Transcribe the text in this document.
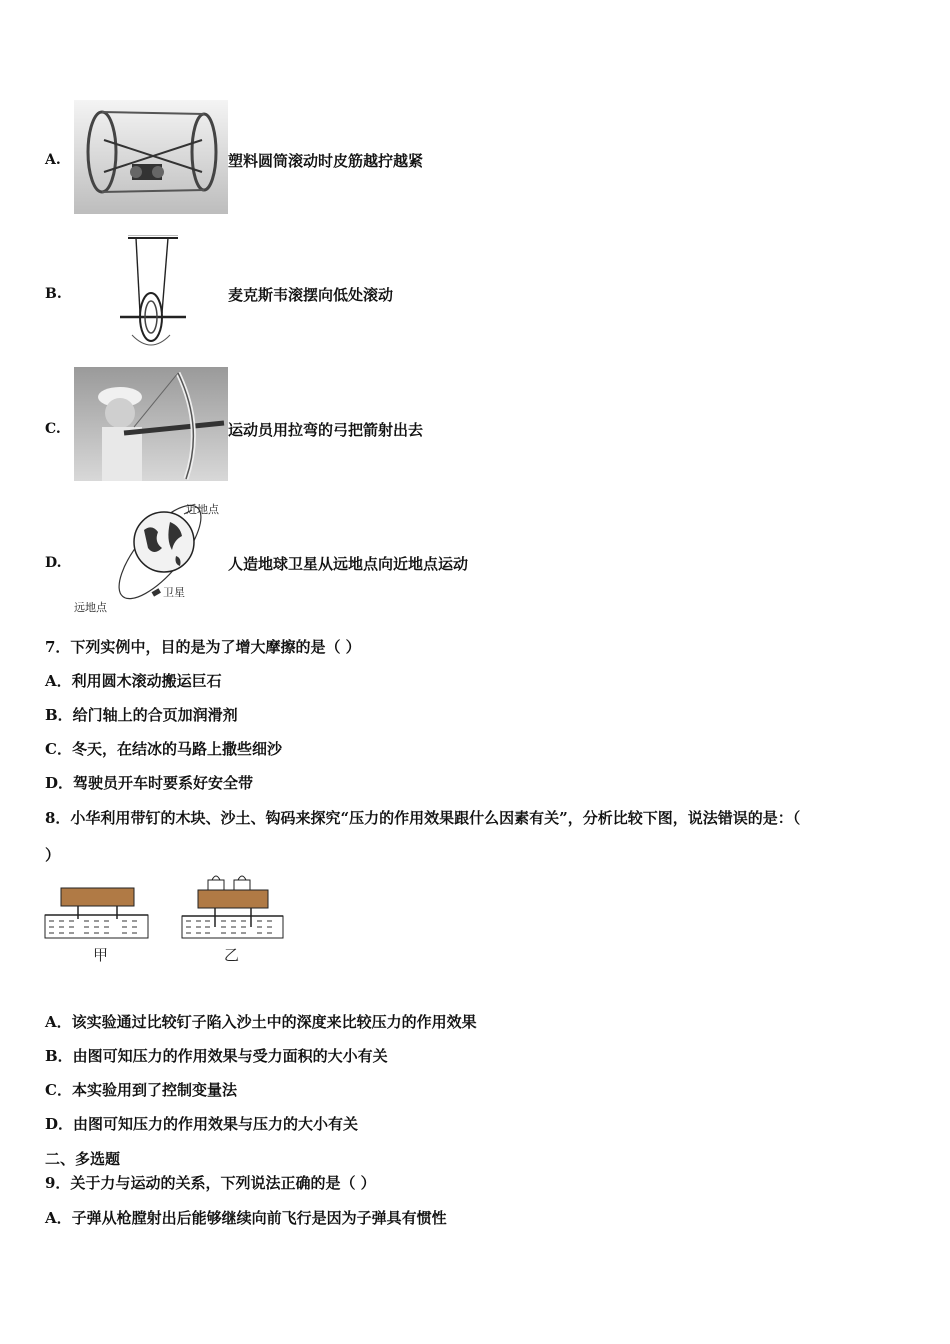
A.	塑料圆筒滚动时皮筋越拧越紧
B.	麦克斯韦滚摆向低处滚动
C.	运动员用拉弯的弓把箭射出去
D.
近地点
卫星
远地点
人造地球卫星从远地点向近地点运动
7．下列实例中，目的是为了增大摩擦的是（ ）
A．利用圆木滚动搬运巨石
B．给门轴上的合页加润滑剂
C．冬天，在结冰的马路上撒些细沙
D．驾驶员开车时要系好安全带
8．小华利用带钉的木块、沙土、钩码来探究“压力的作用效果跟什么因素有关”，分析比较下图，说法错误的是：（
）
甲	乙
A．该实验通过比较钉子陷入沙土中的深度来比较压力的作用效果
B．由图可知压力的作用效果与受力面积的大小有关
C．本实验用到了控制变量法
D．由图可知压力的作用效果与压力的大小有关
二、多选题
9．关于力与运动的关系，下列说法正确的是（ ）
A．子弹从枪膛射出后能够继续向前飞行是因为子弹具有惯性
